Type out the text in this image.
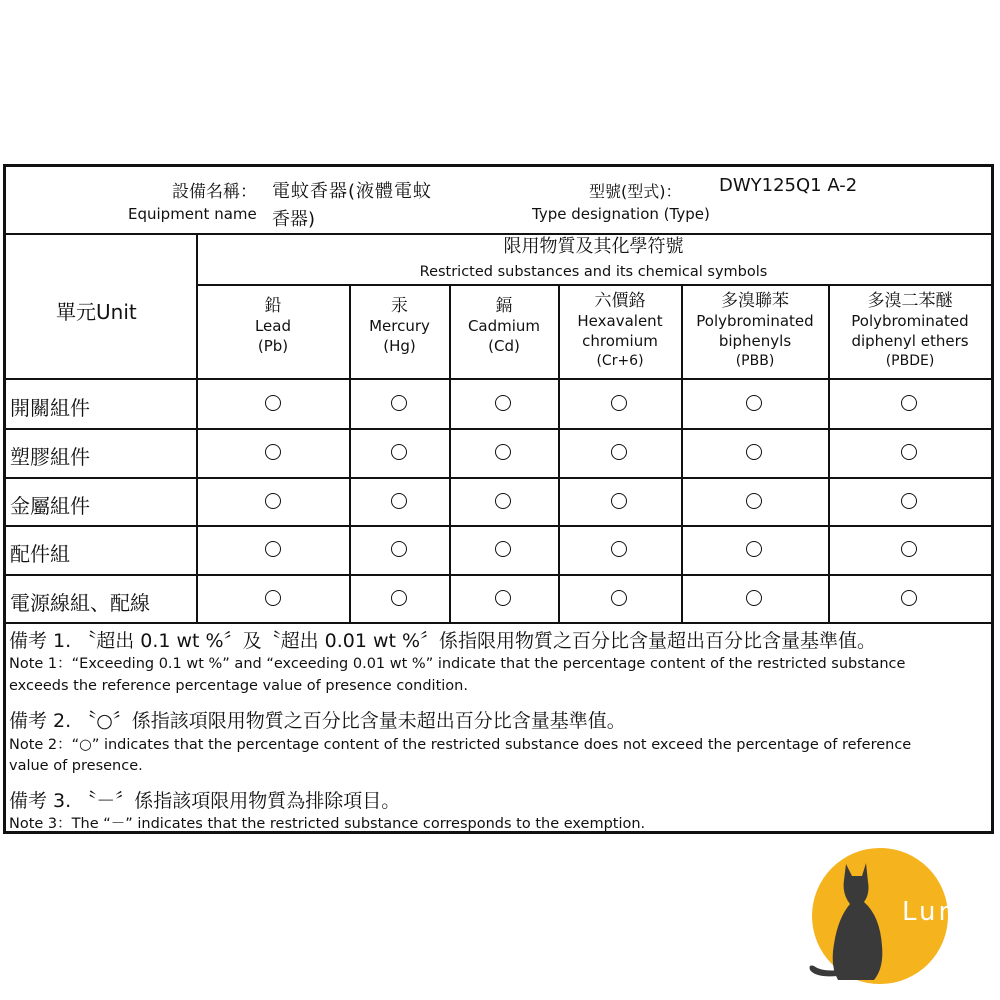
設備名稱： 電蚊香器(液體電蚊
Equipment name 香器)
型號(型式)： DWY125Q1 A-2
Type designation (Type)
單元Unit
限用物質及其化學符號
Restricted substances and its chemical symbols
鉛
Lead
(Pb)
汞
Mercury
(Hg)
鎘
Cadmium
(Cd)
六價鉻
Hexavalent
chromium
(Cr+6)
多溴聯苯
Polybrominated
biphenyls
(PBB)
多溴二苯醚
Polybrominated
diphenyl ethers
(PBDE)
開關組件
塑膠組件
金屬組件
配件組
電源線組、配線
備考 1. 〝超出 0.1 wt %〞及〝超出 0.01 wt %〞係指限用物質之百分比含量超出百分比含量基準值。
Note 1：“Exceeding 0.1 wt %” and “exceeding 0.01 wt %” indicate that the percentage content of the restricted substance
exceeds the reference percentage value of presence condition.
備考 2. 〝○〞係指該項限用物質之百分比含量未超出百分比含量基準值。
Note 2：“○” indicates that the percentage content of the restricted substance does not exceed the percentage of reference
value of presence.
備考 3. 〝－〞係指該項限用物質為排除項目。
Note 3：The “－” indicates that the restricted substance corresponds to the exemption.
Luna
